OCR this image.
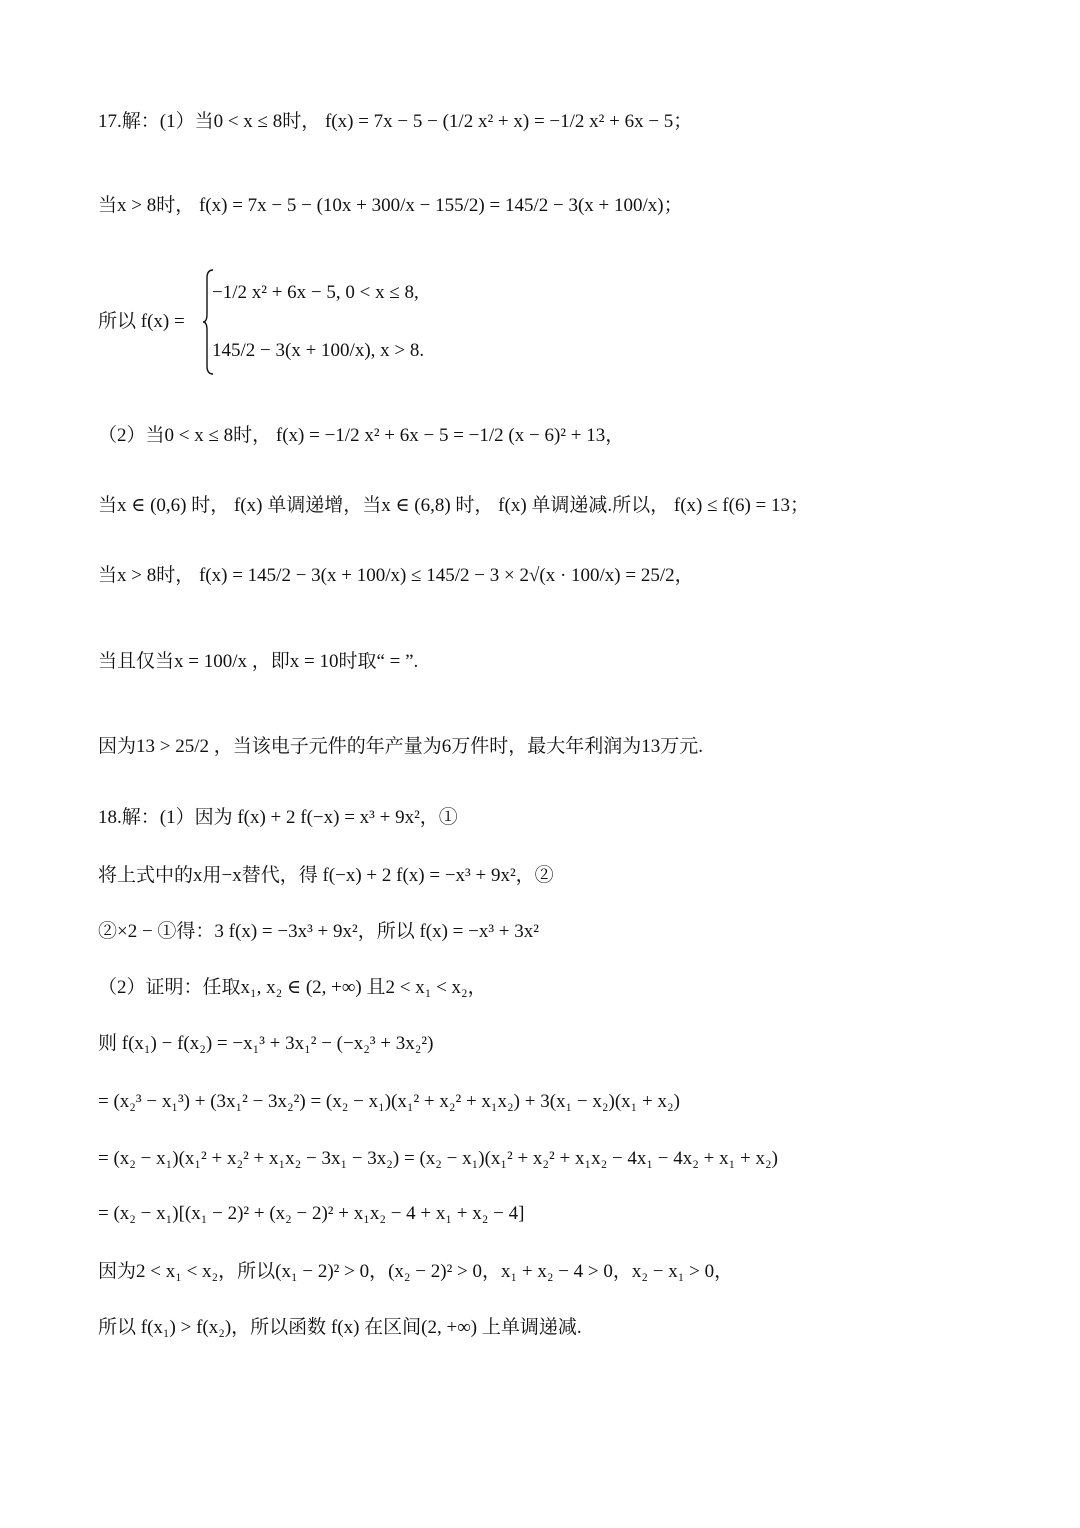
17.解：(1）当0 < x ≤ 8时， f(x) = 7x − 5 − (1/2 x² + x) = −1/2 x² + 6x − 5；
当x > 8时， f(x) = 7x − 5 − (10x + 300/x − 155/2) = 145/2 − 3(x + 100/x)；
所以 f(x) =
−1/2 x² + 6x − 5, 0 < x ≤ 8,
145/2 − 3(x + 100/x), x > 8.
（2）当0 < x ≤ 8时， f(x) = −1/2 x² + 6x − 5 = −1/2 (x − 6)² + 13，
当x ∈ (0,6) 时， f(x) 单调递增，当x ∈ (6,8) 时， f(x) 单调递减.所以， f(x) ≤ f(6) = 13；
当x > 8时， f(x) = 145/2 − 3(x + 100/x) ≤ 145/2 − 3 × 2√(x · 100/x) = 25/2，
当且仅当x = 100/x ，即x = 10时取“ = ”.
因为13 > 25/2 ，当该电子元件的年产量为6万件时，最大年利润为13万元.
18.解：(1）因为 f(x) + 2 f(−x) = x³ + 9x²，①
将上式中的x用−x替代，得 f(−x) + 2 f(x) = −x³ + 9x²，②
②×2 − ①得：3 f(x) = −3x³ + 9x²，所以 f(x) = −x³ + 3x²
（2）证明：任取x₁, x₂ ∈ (2, +∞) 且2 < x₁ < x₂，
则 f(x₁) − f(x₂) = −x₁³ + 3x₁² − (−x₂³ + 3x₂²)
= (x₂³ − x₁³) + (3x₁² − 3x₂²) = (x₂ − x₁)(x₁² + x₂² + x₁x₂) + 3(x₁ − x₂)(x₁ + x₂)
= (x₂ − x₁)(x₁² + x₂² + x₁x₂ − 3x₁ − 3x₂) = (x₂ − x₁)(x₁² + x₂² + x₁x₂ − 4x₁ − 4x₂ + x₁ + x₂)
= (x₂ − x₁)[(x₁ − 2)² + (x₂ − 2)² + x₁x₂ − 4 + x₁ + x₂ − 4]
因为2 < x₁ < x₂，所以(x₁ − 2)² > 0，(x₂ − 2)² > 0，x₁ + x₂ − 4 > 0，x₂ − x₁ > 0，
所以 f(x₁) > f(x₂)，所以函数 f(x) 在区间(2, +∞) 上单调递减.
